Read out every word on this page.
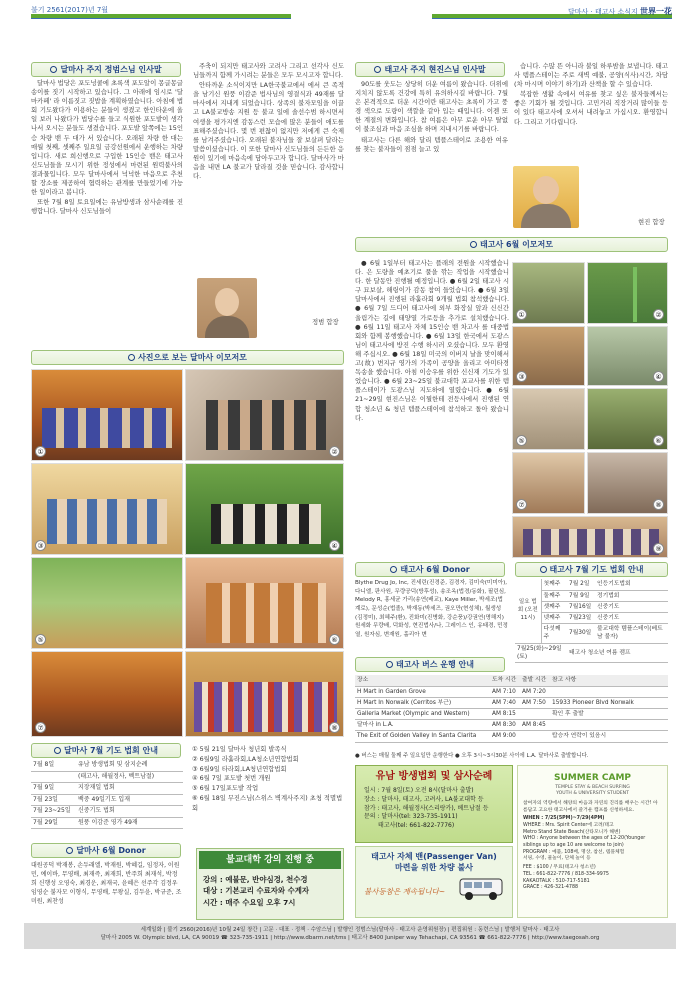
불기 2561(2017)년 7월	달마사 · 태고사 소식지 世界一花
달마사 주지 정범스님 인사말

달마사 법당은 포도넝쿨에 초록색 포도알이 몽글몽글 송이를 짓기 시작하고 있습니다. 그 아래에 임시로 '달마카페' 라 이름짓고 짓밥을 계획하였습니다. 아침에 법회 기도왔다가 이용하는 분들이 생겼고 한인타운에 올일 보러 나왔다가 법당수를 들고 식원한 포도밭이 생각나서 오시는 분들도 생겼습니다. 포도밭 앞쪽에는 15인승 차량 밴 두 대가 서 있습니다. 오래된 차량 한 대는 매월 첫째, 셋째주 일요일 금강선원에서 운행하는 차량입니다. 새로 희신행으로 구입한 15인승 밴은 태고사 신도님들을 모시기 위한 정성에서 마련된 원력불사의 결과물입니다. 모두 달마사에서 넉넉한 마음으로 추천할 장소를 제공하여 협력하는 관계를 만들었기에 가능한 일이라고 봅니다.

또한 7월 8일 토요일에는 유남방생과 삼사순례를 진행합니다. 달마사 신도님들이

주축이 되지만 태고사와 고려사 그리고 선각사 신도님들까지 함께 가시려는 분들은 모두 모시고자 합니다.

안타까운 소식이지만 LA한국불교에서 에서 큰 족적을 남기신 원풍 이감준 법사님의 영결식과 49재를 달마사에서 지내게 되었습니다. 상족의 불자모임을 이끌고 LA불교방송 지원 등 불교 일에 솔선수범 하시면서 여생을 평가지엔 감동스런 모습에 많은 분들이 애도를 표해주셨습니다. 몇 번 편찮이 없지만 저에게 큰 숙제를 남겨주셨습니다. 오래된 불자님들 잘 보살펴 달라는 말씀이셨습니다. 이 또한 달마사 신도님들의 든든한 응원이 있기에 마음속에 담아두고자 합니다. 달마사가 마음을 내면 LA 불교가 달라질 것을 믿습니다. 감사합니다.

정범 합장
사진으로 보는 달마사 이모저모
①	②
③	④
⑤	⑥
⑦	⑧
달마사 7월 기도 법회 안내
7월 8일	유남 방생법회 및 삼지순례
	(태고사, 해월정사, 벡트남절)
7월 9일	지장재일 법회
7월 23일	백중 49일기도 입재
7월 23~25일	신중기도 법회
7월 29일	원풍 이감준 영가 49재
① 5월 21일 달마사 청년회 발족식
② 6월9일 라훌라회,LA청소년연합법회
③ 6월9일 타라회,LA청년연합법회
④ 6월 7일 포도밭 첫번 개원
⑤ 6월 17일포도밭 작업
⑥ 6월 18일 무진스님(스위스 벽계사주지) 초청 적멸법회
달마사 6월 Donor
대원공덕 박재봉, 손두래엘, 박재원, 박혜길, 임정자, 이원민, 예이바, 무영배, 최재즉, 최재희, 반주희 최재석, 박정희 신행성 오영숙, 최경운, 최재국, 윤혜은 선주각 김정우 임영순 불자모 이형식, 무영배, 무왕실, 김두윤, 박규준, 조미원, 최찬성
불교대학 강의 진행 중
강의 : 예불문, 반야심경, 천수경
대상 : 기본교리 수료자와 수계자
시간 : 매주 수요일 오후 7시
태고사 주지 현진스님 인사말

90도를 웃도는 상당히 더운 여름이 왔습니다. 더위에 지치지 않도록 건강에 특히 유의하시길 바랍니다. 7월은 본격적으로 더운 시간이란 태고사는 초록이 가고 풍경 색으로 도량이 색깔을 같아 입는 때입니다. 이젠 또한 계절의 변화입니다. 참 여름은 아무 로운 아무 탈없이 불조심과 마음 조심을 하며 지내시기를 바랍니다.

태고사는 다른 해와 달리 템플스테이로 조용한 여유를 찾는 불자들이 점점 늘고 있

습니다. 수많 뜬 아니라 불일 하루밤을 보냅니다. 태고사 템플스테이는 주로 새벽 예불, 공양(식사)시간, 차담(차 마시며 이야기 하기)과 산책을 할 수 있습니다.

복잡한 생활 속에서 여유를 찾고 싶은 불자들께서는 좋은 기회가 될 것입니다. 고민거리 직장거리 많이들 등이 있다 태고사에 오셔서 내려놓고 가십시오. 환영합니다. 그리고 기다립니다.

현진 합장
태고사 6월 이모저모

● 6월 1일부터 태고사는 플래의 전원을 시작했습니다. 은 도량을 예초기로 풀을 깎는 작업을 시작했습니다. 한 달동안 진행될 예정입니다. ● 6월 2일 태고사 시구 묘보살, 해링이가 감동 참여 들었습니다. ● 6월 3일 달마사에서 진행된 라훌라회 9개월 법회 참석했습니다. ● 6월 7일 드디어 태고사에 외부 화장실 앞과 신신간 울림가는 길에 태양열 가로등을 추가로 설치했습니다. ● 6월 11일 태고사 자체 15인승 밴 차고사 를 대중법회와 함께 봉행했습니다. ● 6월 13일 한국에서 도광스님이 태고사에 방진 수행 하시러 오셨습니다. 모두 환영해 주십시오. ● 6월 18일 미국의 이버지 날을 맞이해서 고(故) 변지규 영가의 가족이 공양을 올리고 아미타경 독송을 했습니다. 아침 이승우를 위한 신신재 기도가 있었습니다. ● 6월 23~25일 불교대학 포교사를 위한 템플스테이가 도광스님 지도하에 열렸습니다. ● 6월 21~29일 현진스님은 이뭘한테 전등사에서 진행된 연합 청소년 & 청년 템플스테이에 참석하고 돌아 왔습니다.

①	②
③	④
⑤	⑥
⑦	⑧
⑨
태고사 6월 Donor
Blythe Drug Jo, Inc, 진세린(진경준, 김경자, 김미숙(미미아), 다니엘, 판사원, 무량공덕(방후성), 송조옥(법경/동화), 필린심, Melody R, 홍세균 가리(송연(배교), Kaye Miller, 박세조(법계로), 문성순(법졸), 박재동(박세즈, 권오만(현성체), 월생성(김정미), 최혜주(환), 진화미(진병화, 강순풍)/강권연(명해지) 원세화 무량배, 덕화성, 현진법사/나, 그레이스 인, 유태경, 민정열, 원자심, 변재원, 홀리아 변
태고사 7월 기도 법회 안내
일요 법회 (오전11시)	첫째주	7월 2일	인등기도법회
	둘째주	7월 9일	정기법회
	셋째주	7월16일	신중기도
	넷째주	7월23일	신중기도
	다섯째주	7월30일	불교대학 템플스테이(베트남 불자)
7월25(화)~29일(토)		태고사 청소년 여름 캠프	
태고사 버스 운행 안내
장소	도착 시간	출발 시간	참고 사항
H Mart in Garden Grove	AM 7:10	AM 7:20	
H Mart In Norwalk (Cerritos 부근)	AM 7:40	AM 7:50	15933 Pioneer Blvd Norwalk
Galleria Market (Olympic and Western)	AM 8:15		확인 후 출발
달마사 in L.A.	AM 8:30	AM 8:45	
The Exit of Golden Valley In Santa Clarita	AM 9:00		탑승자 연락이 있음시
● 버스는 매월 둘째 주 일요일만 운행한다 ● 오후 3시~3시30분 사이에 L.A. 달마사로 출발합니다.
유남 방생법회 및 삼사순례
일시 : 7월 8일(토) 오전 8시(달마사 출발)
장소 : 달마사, 태고사, 고려사, LA불교대학 등
참가 : 태고사, 해월정사(스리랑카), 베트남절 등
문의 : 달마사(tel: 323-735-1911)
태고사(tel: 661-822-7776)
태고사 자체 밴(Passenger Van)
마련을 위한 차량 불사
불사동참은 계속됩니다~
SUMMER CAMP
TEMPLE STAY & BEACH SURFING
YOUTH & UNIVERSITY STUDENT
참여자의 역량에서 해양의 마음과 자연의 진리를 배우는 시간! 아름답고 고요한 태고사에서 즐거운 캠프를 신청하세요.
WHEN : 7/25(5PM)~7/29(4PM)
WHERE : Mrs. Spirit Center에 고려/태고
Metro Stand State Beach(산타모니카 해변)
WHO : Anyone between the ages of 12-20(Younger siblings up to age 10 are welcome to join)
PROGRAM : 예불, 108배, 명상, 참선, 템플체험
서핑, 수영, 물놀이, 단체 놀이 등
FEE : $100 / 무료(태고사 청소년)
TEL : 661-822-7776 / 818-334-9975
KAKAOTALK : 510-717-5181
GRACE : 426-321-4788
세계일화 | 불기 2560(2016)년 10월 24일 창간 | 고문 · 대표 · 정책 · 수암스님 | 발행인 정범스님(달마사 · 태고사 운영위원장) | 편집위원 : 동련스님 | 발행처 달마사 · 태고사
달마사 2005 W. Olympic blvd, LA, CA 90019 ☎ 323-735-1911 | http://www.dbarm.net/tms | 태고사 8400 Juniper way Tehachapi, CA 93561 ☎ 661-822-7776 | http://www.taegosah.org
